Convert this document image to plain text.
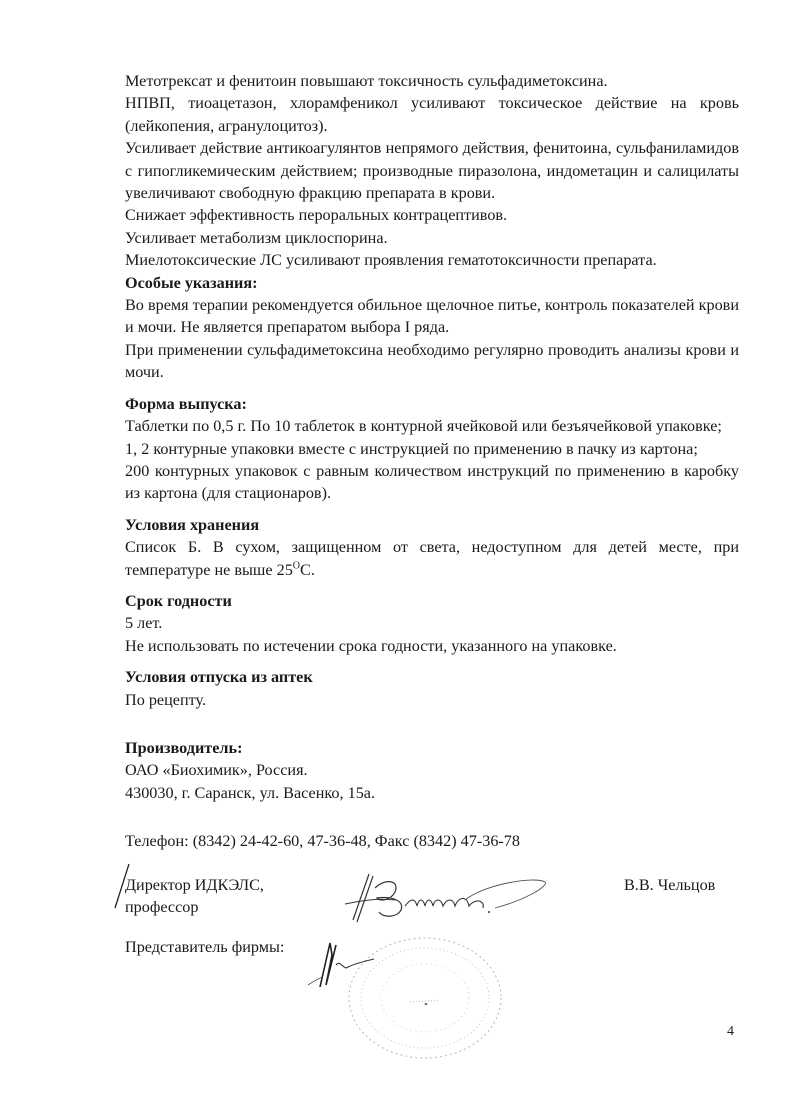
Метотрексат и фенитоин повышают токсичность сульфадиметоксина.

НПВП, тиоацетазон, хлорамфеникол усиливают токсическое действие на кровь (лейкопения, агранулоцитоз).

Усиливает действие антикоагулянтов непрямого действия, фенитоина, сульфаниламидов с гипогликемическим действием; производные пиразолона, индометацин и салицилаты увеличивают свободную фракцию препарата в крови.

Снижает эффективность пероральных контрацептивов.

Усиливает метаболизм циклоспорина.

Миелотоксические ЛС усиливают проявления гематотоксичности препарата.

Особые указания:

Во время терапии рекомендуется обильное щелочное питье, контроль показателей крови и мочи. Не является препаратом выбора I ряда.

При применении сульфадиметоксина необходимо регулярно проводить анализы крови и мочи.

Форма выпуска:

Таблетки по 0,5 г. По 10 таблеток в контурной ячейковой или безъячейковой упаковке;

1, 2 контурные упаковки вместе с инструкцией по применению в пачку из картона;

200 контурных упаковок с равным количеством инструкций по применению в каробку из картона (для стационаров).

Условия хранения

Список Б. В сухом, защищенном от света, недоступном для детей месте, при температуре не выше $25^OC$.

Срок годности

5 лет.

Не использовать по истечении срока годности, указанного на упаковке.

Условия отпуска из аптек

По рецепту.

Производитель:

ОАО «Биохимик», Россия.

430030, г. Саранск, ул. Васенко, 15а.

Телефон: (8342) 24-42-60, 47-36-48, Факс (8342) 47-36-78

Директор ИДКЭЛС,
профессор
В.В. Чельцов
Представитель фирмы:
4
